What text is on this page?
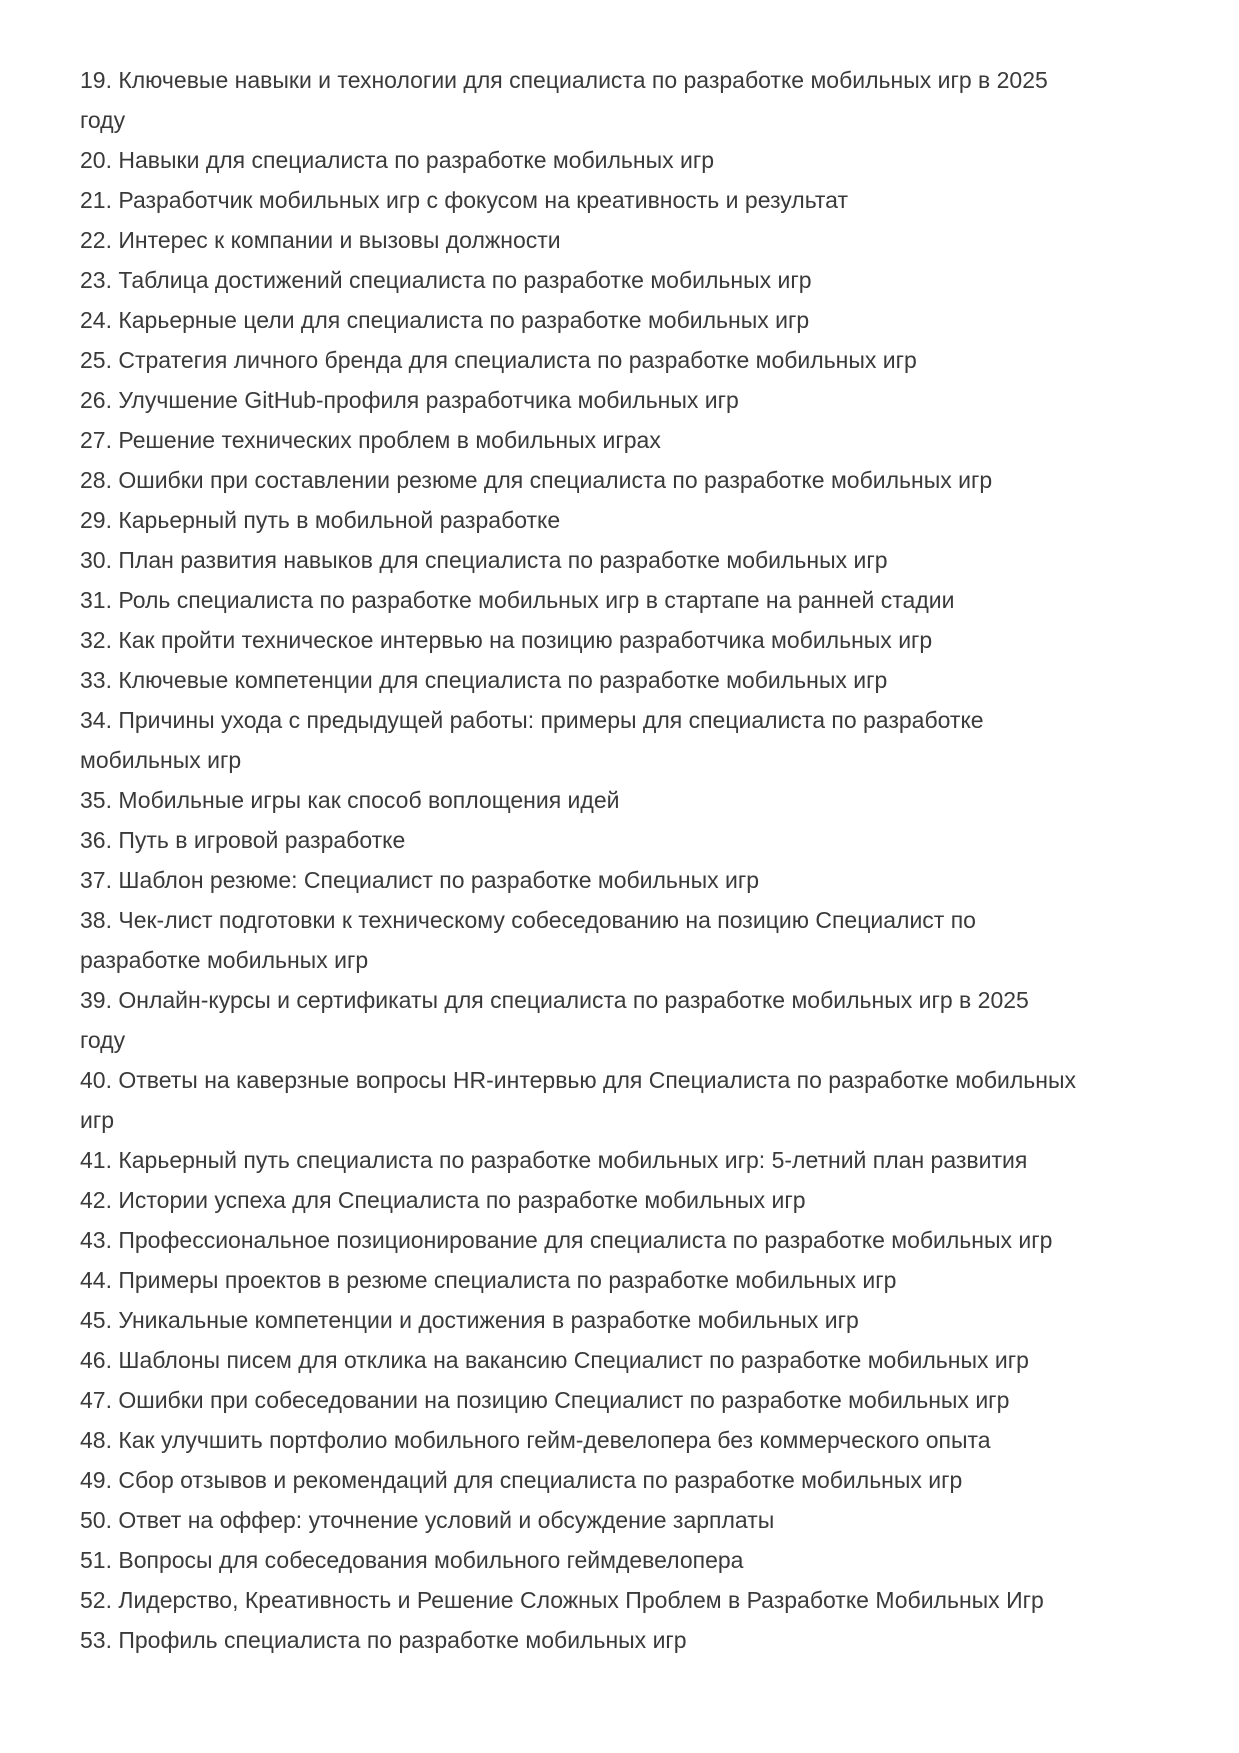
19. Ключевые навыки и технологии для специалиста по разработке мобильных игр в 2025
году

20. Навыки для специалиста по разработке мобильных игр

21. Разработчик мобильных игр с фокусом на креативность и результат

22. Интерес к компании и вызовы должности

23. Таблица достижений специалиста по разработке мобильных игр

24. Карьерные цели для специалиста по разработке мобильных игр

25. Стратегия личного бренда для специалиста по разработке мобильных игр

26. Улучшение GitHub-профиля разработчика мобильных игр

27. Решение технических проблем в мобильных играх

28. Ошибки при составлении резюме для специалиста по разработке мобильных игр

29. Карьерный путь в мобильной разработке

30. План развития навыков для специалиста по разработке мобильных игр

31. Роль специалиста по разработке мобильных игр в стартапе на ранней стадии

32. Как пройти техническое интервью на позицию разработчика мобильных игр

33. Ключевые компетенции для специалиста по разработке мобильных игр

34. Причины ухода с предыдущей работы: примеры для специалиста по разработке
мобильных игр

35. Мобильные игры как способ воплощения идей

36. Путь в игровой разработке

37. Шаблон резюме: Специалист по разработке мобильных игр

38. Чек-лист подготовки к техническому собеседованию на позицию Специалист по
разработке мобильных игр

39. Онлайн-курсы и сертификаты для специалиста по разработке мобильных игр в 2025
году

40. Ответы на каверзные вопросы HR-интервью для Специалиста по разработке мобильных
игр

41. Карьерный путь специалиста по разработке мобильных игр: 5-летний план развития

42. Истории успеха для Специалиста по разработке мобильных игр

43. Профессиональное позиционирование для специалиста по разработке мобильных игр

44. Примеры проектов в резюме специалиста по разработке мобильных игр

45. Уникальные компетенции и достижения в разработке мобильных игр

46. Шаблоны писем для отклика на вакансию Специалист по разработке мобильных игр

47. Ошибки при собеседовании на позицию Специалист по разработке мобильных игр

48. Как улучшить портфолио мобильного гейм-девелопера без коммерческого опыта

49. Сбор отзывов и рекомендаций для специалиста по разработке мобильных игр

50. Ответ на оффер: уточнение условий и обсуждение зарплаты

51. Вопросы для собеседования мобильного геймдевелопера

52. Лидерство, Креативность и Решение Сложных Проблем в Разработке Мобильных Игр

53. Профиль специалиста по разработке мобильных игр
